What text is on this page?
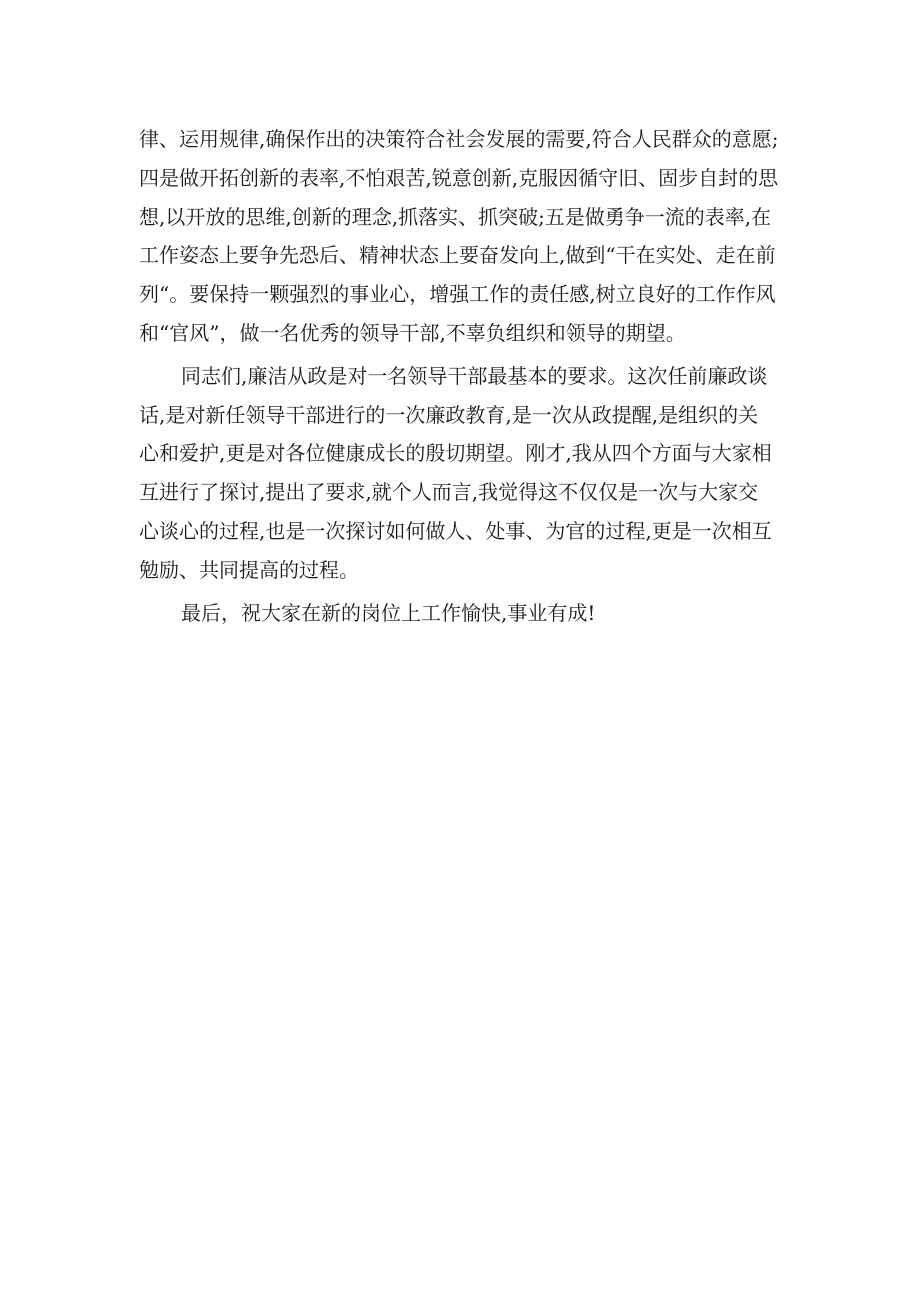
律、运用规律,确保作出的决策符合社会发展的需要,符合人民群众的意愿;
四是做开拓创新的表率,不怕艰苦,锐意创新,克服因循守旧、固步自封的思
想,以开放的思维,创新的理念,抓落实、抓突破;五是做勇争一流的表率,在
工作姿态上要争先恐后、精神状态上要奋发向上,做到“干在实处、走在前
列“。要保持一颗强烈的事业心，增强工作的责任感,树立良好的工作作风
和“官风”，做一名优秀的领导干部,不辜负组织和领导的期望。
同志们,廉洁从政是对一名领导干部最基本的要求。这次任前廉政谈
话,是对新任领导干部进行的一次廉政教育,是一次从政提醒,是组织的关
心和爱护,更是对各位健康成长的殷切期望。刚才,我从四个方面与大家相
互进行了探讨,提出了要求,就个人而言,我觉得这不仅仅是一次与大家交
心谈心的过程,也是一次探讨如何做人、处事、为官的过程,更是一次相互
勉励、共同提高的过程。
最后，祝大家在新的岗位上工作愉快,事业有成!
